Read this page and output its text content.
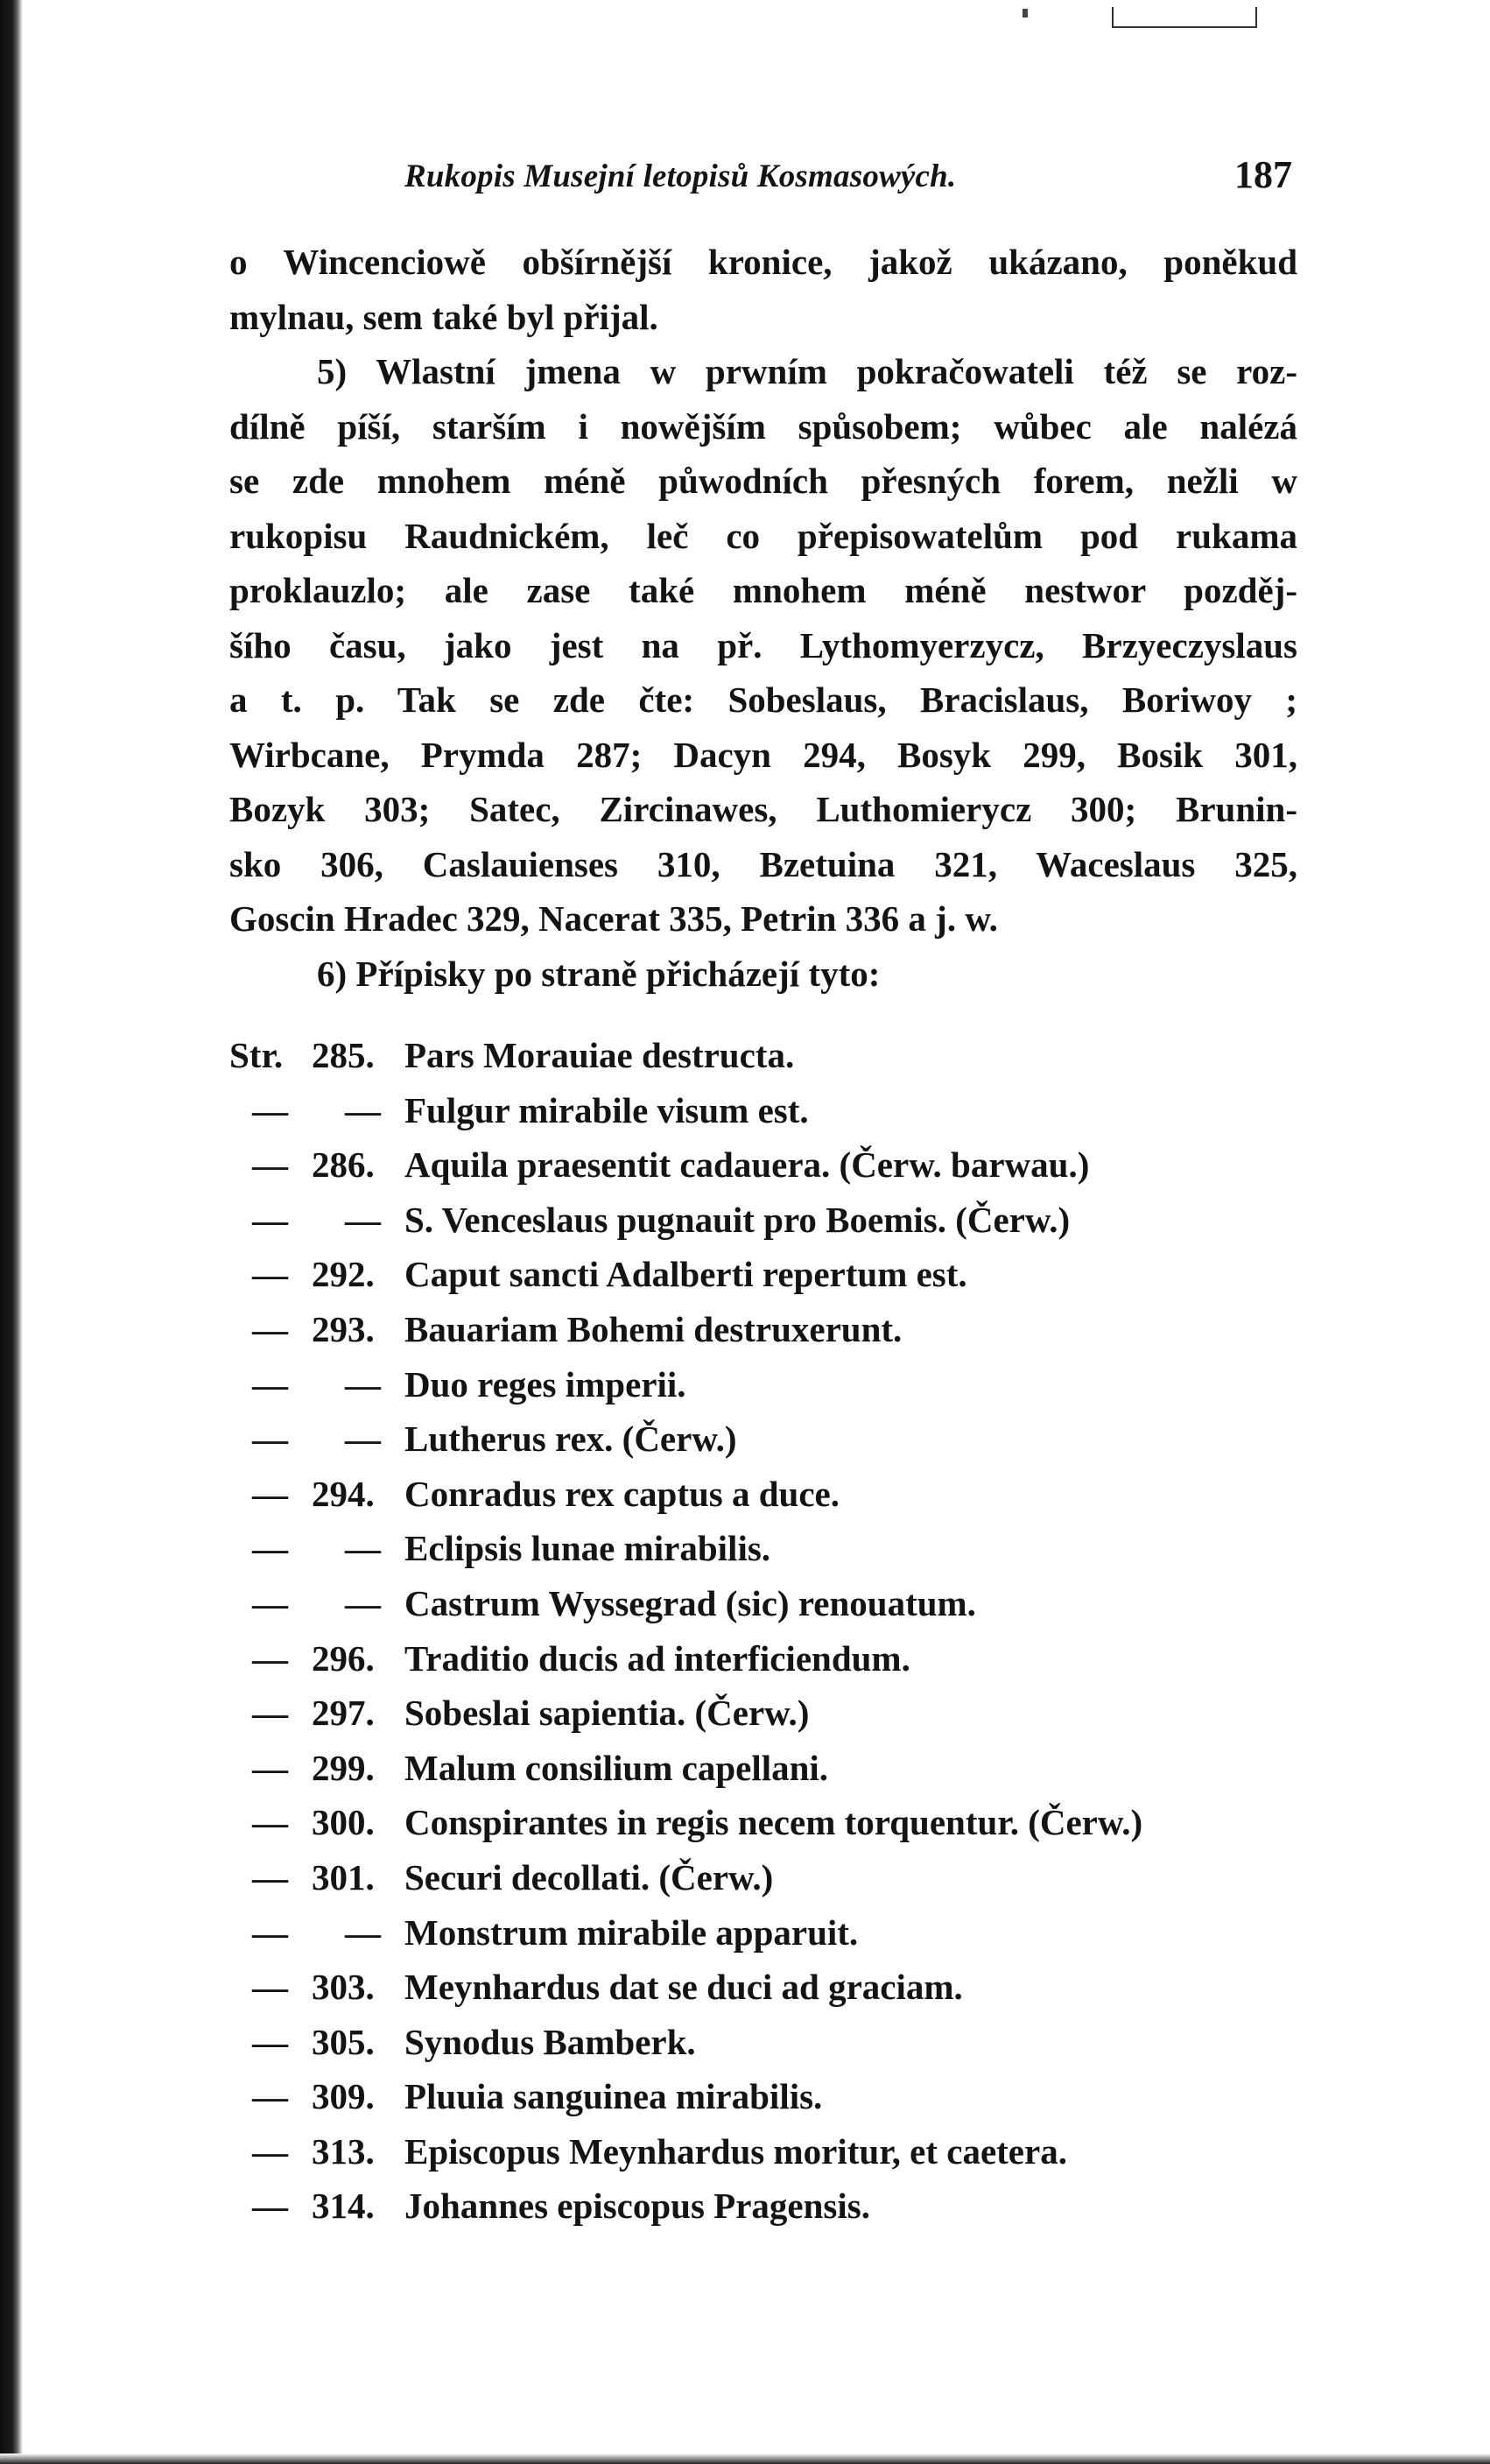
Rukopis Musejní letopisů Kosmasowých.	187
o Wincenciowě obšírnější kronice, jakož ukázano, poněkud
mylnau, sem také byl přijal.
5) Wlastní jmena w prwním pokračowateli též se roz-
dílně píší, starším i nowějším spůsobem; wůbec ale nalézá
se zde mnohem méně půwodních přesných forem, nežli w
rukopisu Raudnickém, leč co přepisowatelům pod rukama
proklauzlo; ale zase také mnohem méně nestwor pozděj-
šího času, jako jest na př. Lythomyerzycz, Brzyeczyslaus
a t. p. Tak se zde čte: Sobeslaus, Bracislaus, Boriwoy ;
Wirbcane, Prymda 287; Dacyn 294, Bosyk 299, Bosik 301,
Bozyk 303; Satec, Zircinawes, Luthomierycz 300; Brunin-
sko 306, Caslauienses 310, Bzetuina 321, Waceslaus 325,
Goscin Hradec 329, Nacerat 335, Petrin 336 a j. w.
6) Přípisky po straně přicházejí tyto:
Str. 285. Pars Morauiae destructa.
— — Fulgur mirabile visum est.
— 286. Aquila praesentit cadauera. (Čerw. barwau.)
— — S. Venceslaus pugnauit pro Boemis. (Čerw.)
— 292. Caput sancti Adalberti repertum est.
— 293. Bauariam Bohemi destruxerunt.
— — Duo reges imperii.
— — Lutherus rex. (Čerw.)
— 294. Conradus rex captus a duce.
— — Eclipsis lunae mirabilis.
— — Castrum Wyssegrad (sic) renouatum.
— 296. Traditio ducis ad interficiendum.
— 297. Sobeslai sapientia. (Čerw.)
— 299. Malum consilium capellani.
— 300. Conspirantes in regis necem torquentur. (Čerw.)
— 301. Securi decollati. (Čerw.)
— — Monstrum mirabile apparuit.
— 303. Meynhardus dat se duci ad graciam.
— 305. Synodus Bamberk.
— 309. Pluuia sanguinea mirabilis.
— 313. Episcopus Meynhardus moritur, et caetera.
— 314. Johannes episcopus Pragensis.
